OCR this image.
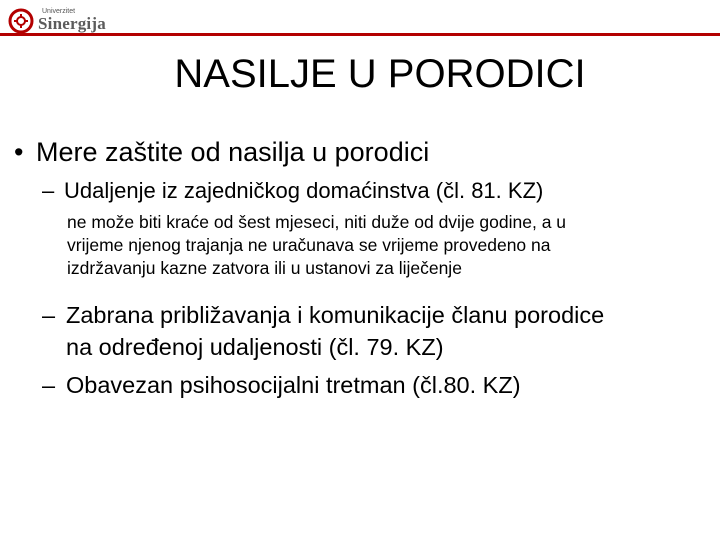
Univerzitet
Sinergija
NASILJE U PORODICI
• Mere zaštite od nasilja u porodici
– Udaljenje iz zajedničkog domaćinstva (čl. 81. KZ)
ne može biti kraće od šest mjeseci, niti duže od dvije godine, a u
vrijeme njenog trajanja ne uračunava se vrijeme provedeno na
izdržavanju kazne zatvora ili u ustanovi za liječenje
– Zabrana približavanja i komunikacije članu porodice
na određenoj udaljenosti (čl. 79. KZ)
– Obavezan psihosocijalni tretman (čl.80. KZ)
